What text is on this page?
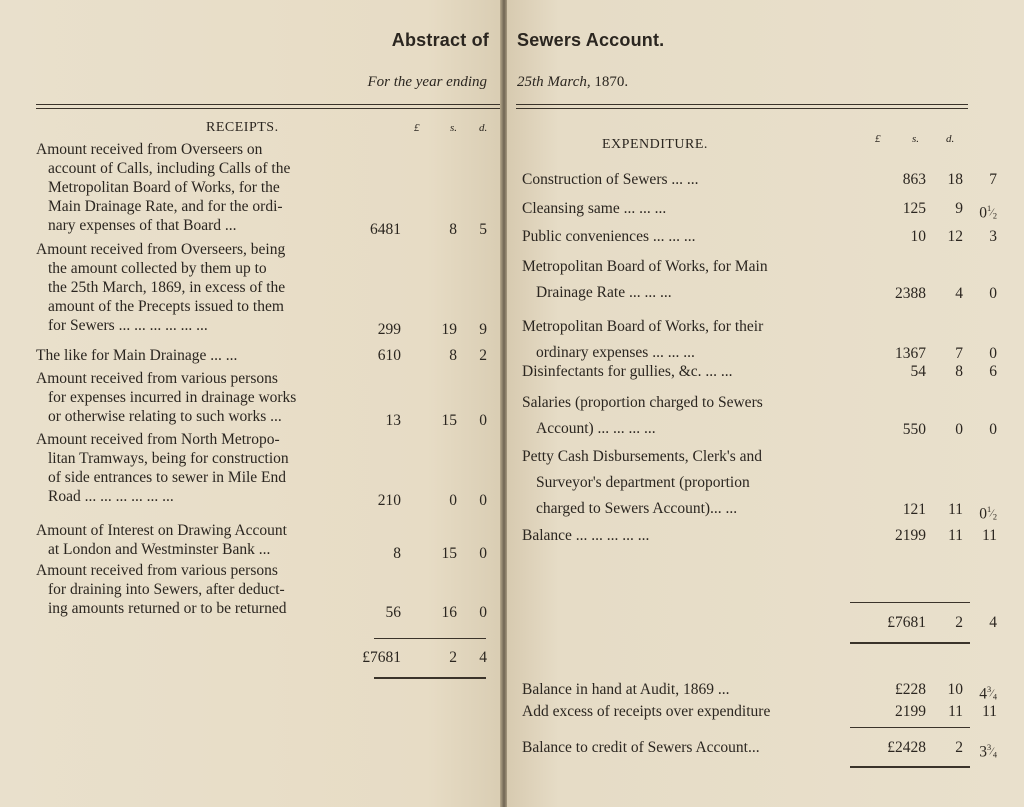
Abstract of
For the year ending
RECEIPTS.	£	s. d.
Amount received from Overseers on
account of Calls, including Calls of the
Metropolitan Board of Works, for the
Main Drainage Rate, and for the ordi-
nary expenses of that Board ...	6481	8 5
Amount received from Overseers, being
the amount collected by them up to
the 25th March, 1869, in excess of the
amount of the Precepts issued to them
for Sewers ... ... ... ... ... ...	299	19 9
The like for Main Drainage ... ...	610	8 2
Amount received from various persons
for expenses incurred in drainage works
or otherwise relating to such works ...	13	15 0
Amount received from North Metropo-
litan Tramways, being for construction
of side entrances to sewer in Mile End
Road ... ... ... ... ... ...	210	0 0
Amount of Interest on Drawing Account
at London and Westminster Bank ...	8	15 0
Amount received from various persons
for draining into Sewers, after deduct-
ing amounts returned or to be returned	56	16 0
£7681	2 4
Sewers Account.
25th March, 1870.
EXPENDITURE.	£	s. d.
Construction of Sewers ... ...	863 18 7
Cleansing same ... ... ...	125 9 $0^1⁄_2$
Public conveniences ... ... ...	10 12 3
Metropolitan Board of Works, for Main
Drainage Rate ... ... ...	2388 4 0
Metropolitan Board of Works, for their
ordinary expenses ... ... ...	1367 7 0
Disinfectants for gullies, &c. ... ...	54 8 6
Salaries (proportion charged to Sewers
Account) ... ... ... ...	550 0 0
Petty Cash Disbursements, Clerk's and
Surveyor's department (proportion
charged to Sewers Account)... ...	121 11 $0^1⁄_2$
Balance ... ... ... ... ...	2199 11 11
£7681 2 4
Balance in hand at Audit, 1869 ...	£228 10 $4^3⁄_4$
Add excess of receipts over expenditure	2199 11 11
Balance to credit of Sewers Account...	£2428 2 $3^3⁄_4$
